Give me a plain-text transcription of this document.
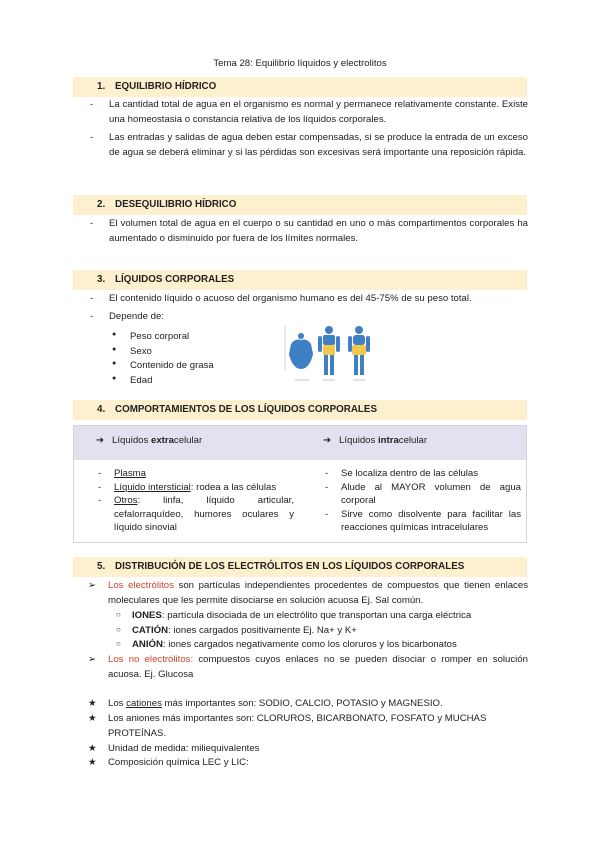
Tema 28: Equilibrio líquidos y electrolitos
1. EQUILIBRIO HÍDRICO

- La cantidad total de agua en el organismo es normal y permanece relativamente constante. Existe una homeostasia o constancia relativa de los líquidos corporales.

- Las entradas y salidas de agua deben estar compensadas, si se produce la entrada de un exceso de agua se deberá eliminar y si las pérdidas son excesivas será importante una reposición rápida.

2. DESEQUILIBRIO HÍDRICO

- El volumen total de agua en el cuerpo o su cantidad en uno o más compartimentos corporales ha aumentado o disminuido por fuera de los límites normales.

3. LÍQUIDOS CORPORALES

- El contenido líquido o acuoso del organismo humano es del 45-75% de su peso total.

- Depende de:

● Peso corporal

● Sexo

● Contenido de grasa

● Edad

4. COMPORTAMIENTOS DE LOS LÍQUIDOS CORPORALES
➔ Líquidos extracelular	➔ Líquidos intracelular

- Plasma

- Líquido intersticial: rodea a las células

- Otros: linfa, líquido articular, cefalorraquídeo, humores oculares y líquido sinovial

- Se localiza dentro de las células

- Alude al MAYOR volumen de agua corporal

- Sirve como disolvente para facilitar las reacciones químicas intracelulares

5. DISTRIBUCIÓN DE LOS ELECTRÓLITOS EN LOS LÍQUIDOS CORPORALES

➢ Los electrólitos son partículas independientes procedentes de compuestos que tienen enlaces moleculares que les permite disociarse en solución acuosa Ej. Sal común.

○ IONES: partícula disociada de un electrólito que transportan una carga eléctrica

○ CATIÓN: iones cargados positivamente Ej. Na+ y K+

○ ANIÓN: iones cargados negativamente como los cloruros y los bicarbonatos

➢ Los no electrólitos: compuestos cuyos enlaces no se pueden disociar o romper en solución acuosa. Ej. Glucosa

★ Los cationes más importantes son: SODIO, CALCIO, POTASIO y MAGNESIO.

★ Los aniones más importantes son: CLORUROS, BICARBONATO, FOSFATO y MUCHAS PROTEÍNAS.

★ Unidad de medida: miliequivalentes

★ Composición química LEC y LIC:
